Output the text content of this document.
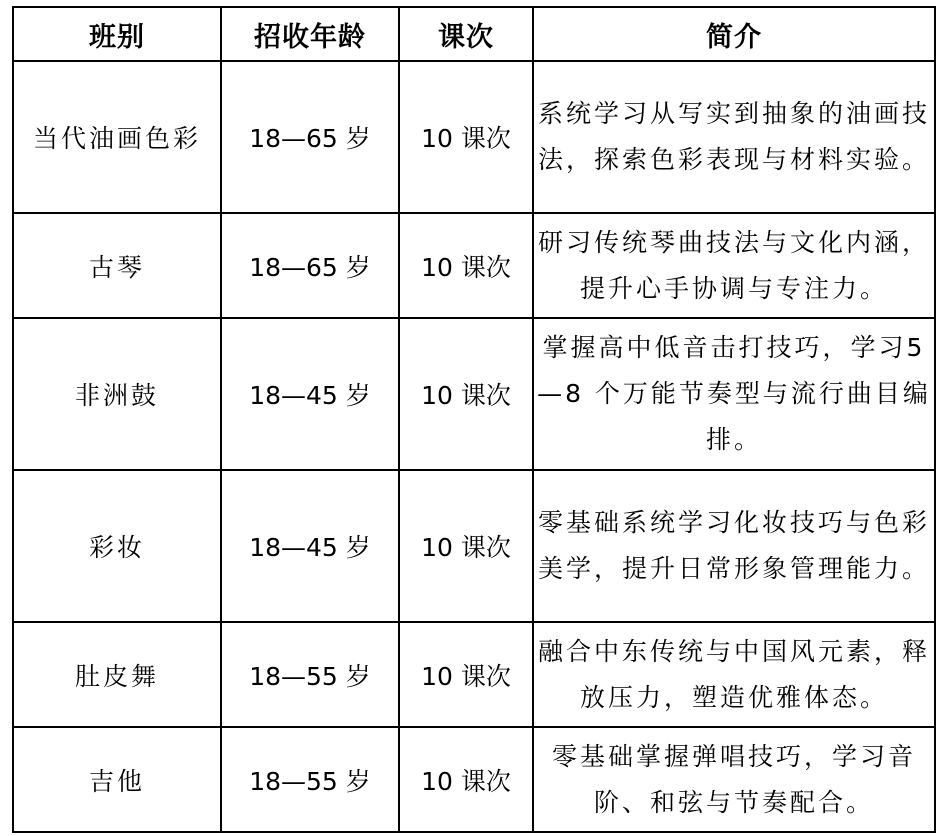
班别	招收年龄	课次	简介
当代油画色彩	18—65 岁	10 课次	系统学习从写实到抽象的油画技法，探索色彩表现与材料实验。
古琴	18—65 岁	10 课次	研习传统琴曲技法与文化内涵，提升心手协调与专注力。
非洲鼓	18—45 岁	10 课次	掌握高中低音击打技巧，学习5—8 个万能节奏型与流行曲目编排。
彩妆	18—45 岁	10 课次	零基础系统学习化妆技巧与色彩美学，提升日常形象管理能力。
肚皮舞	18—55 岁	10 课次	融合中东传统与中国风元素，释放压力，塑造优雅体态。
吉他	18—55 岁	10 课次	零基础掌握弹唱技巧，学习音阶、和弦与节奏配合。
